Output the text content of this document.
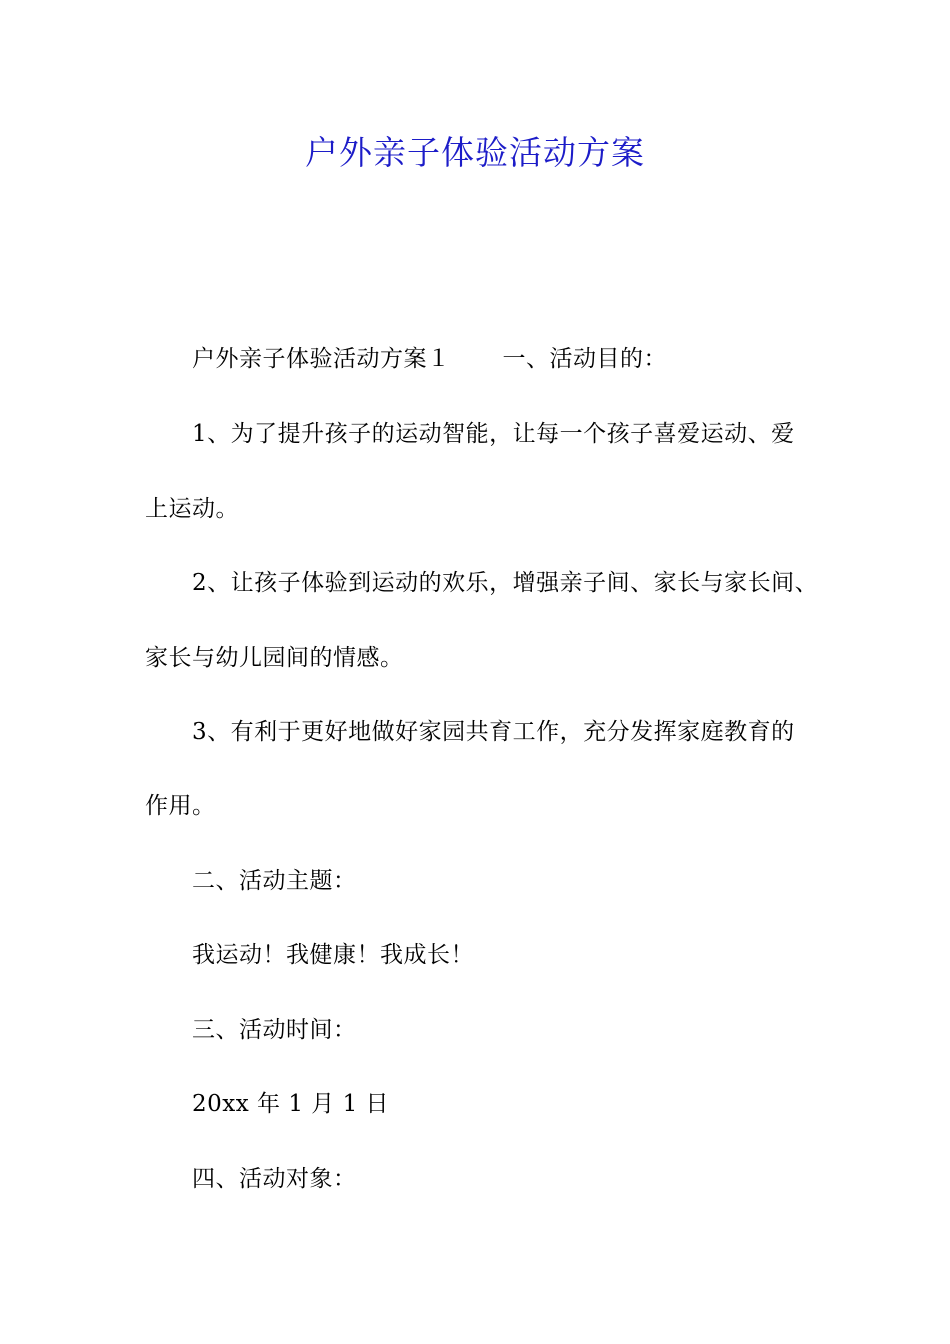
户外亲子体验活动方案
户外亲子体验活动方案１ 一、活动目的：
1、为了提升孩子的运动智能，让每一个孩子喜爱运动、爱
上运动。
2、让孩子体验到运动的欢乐，增强亲子间、家长与家长间、
家长与幼儿园间的情感。
3、有利于更好地做好家园共育工作，充分发挥家庭教育的
作用。
二、活动主题：
我运动！我健康！我成长！
三、活动时间：
20xx 年 1 月 1 日
四、活动对象：
